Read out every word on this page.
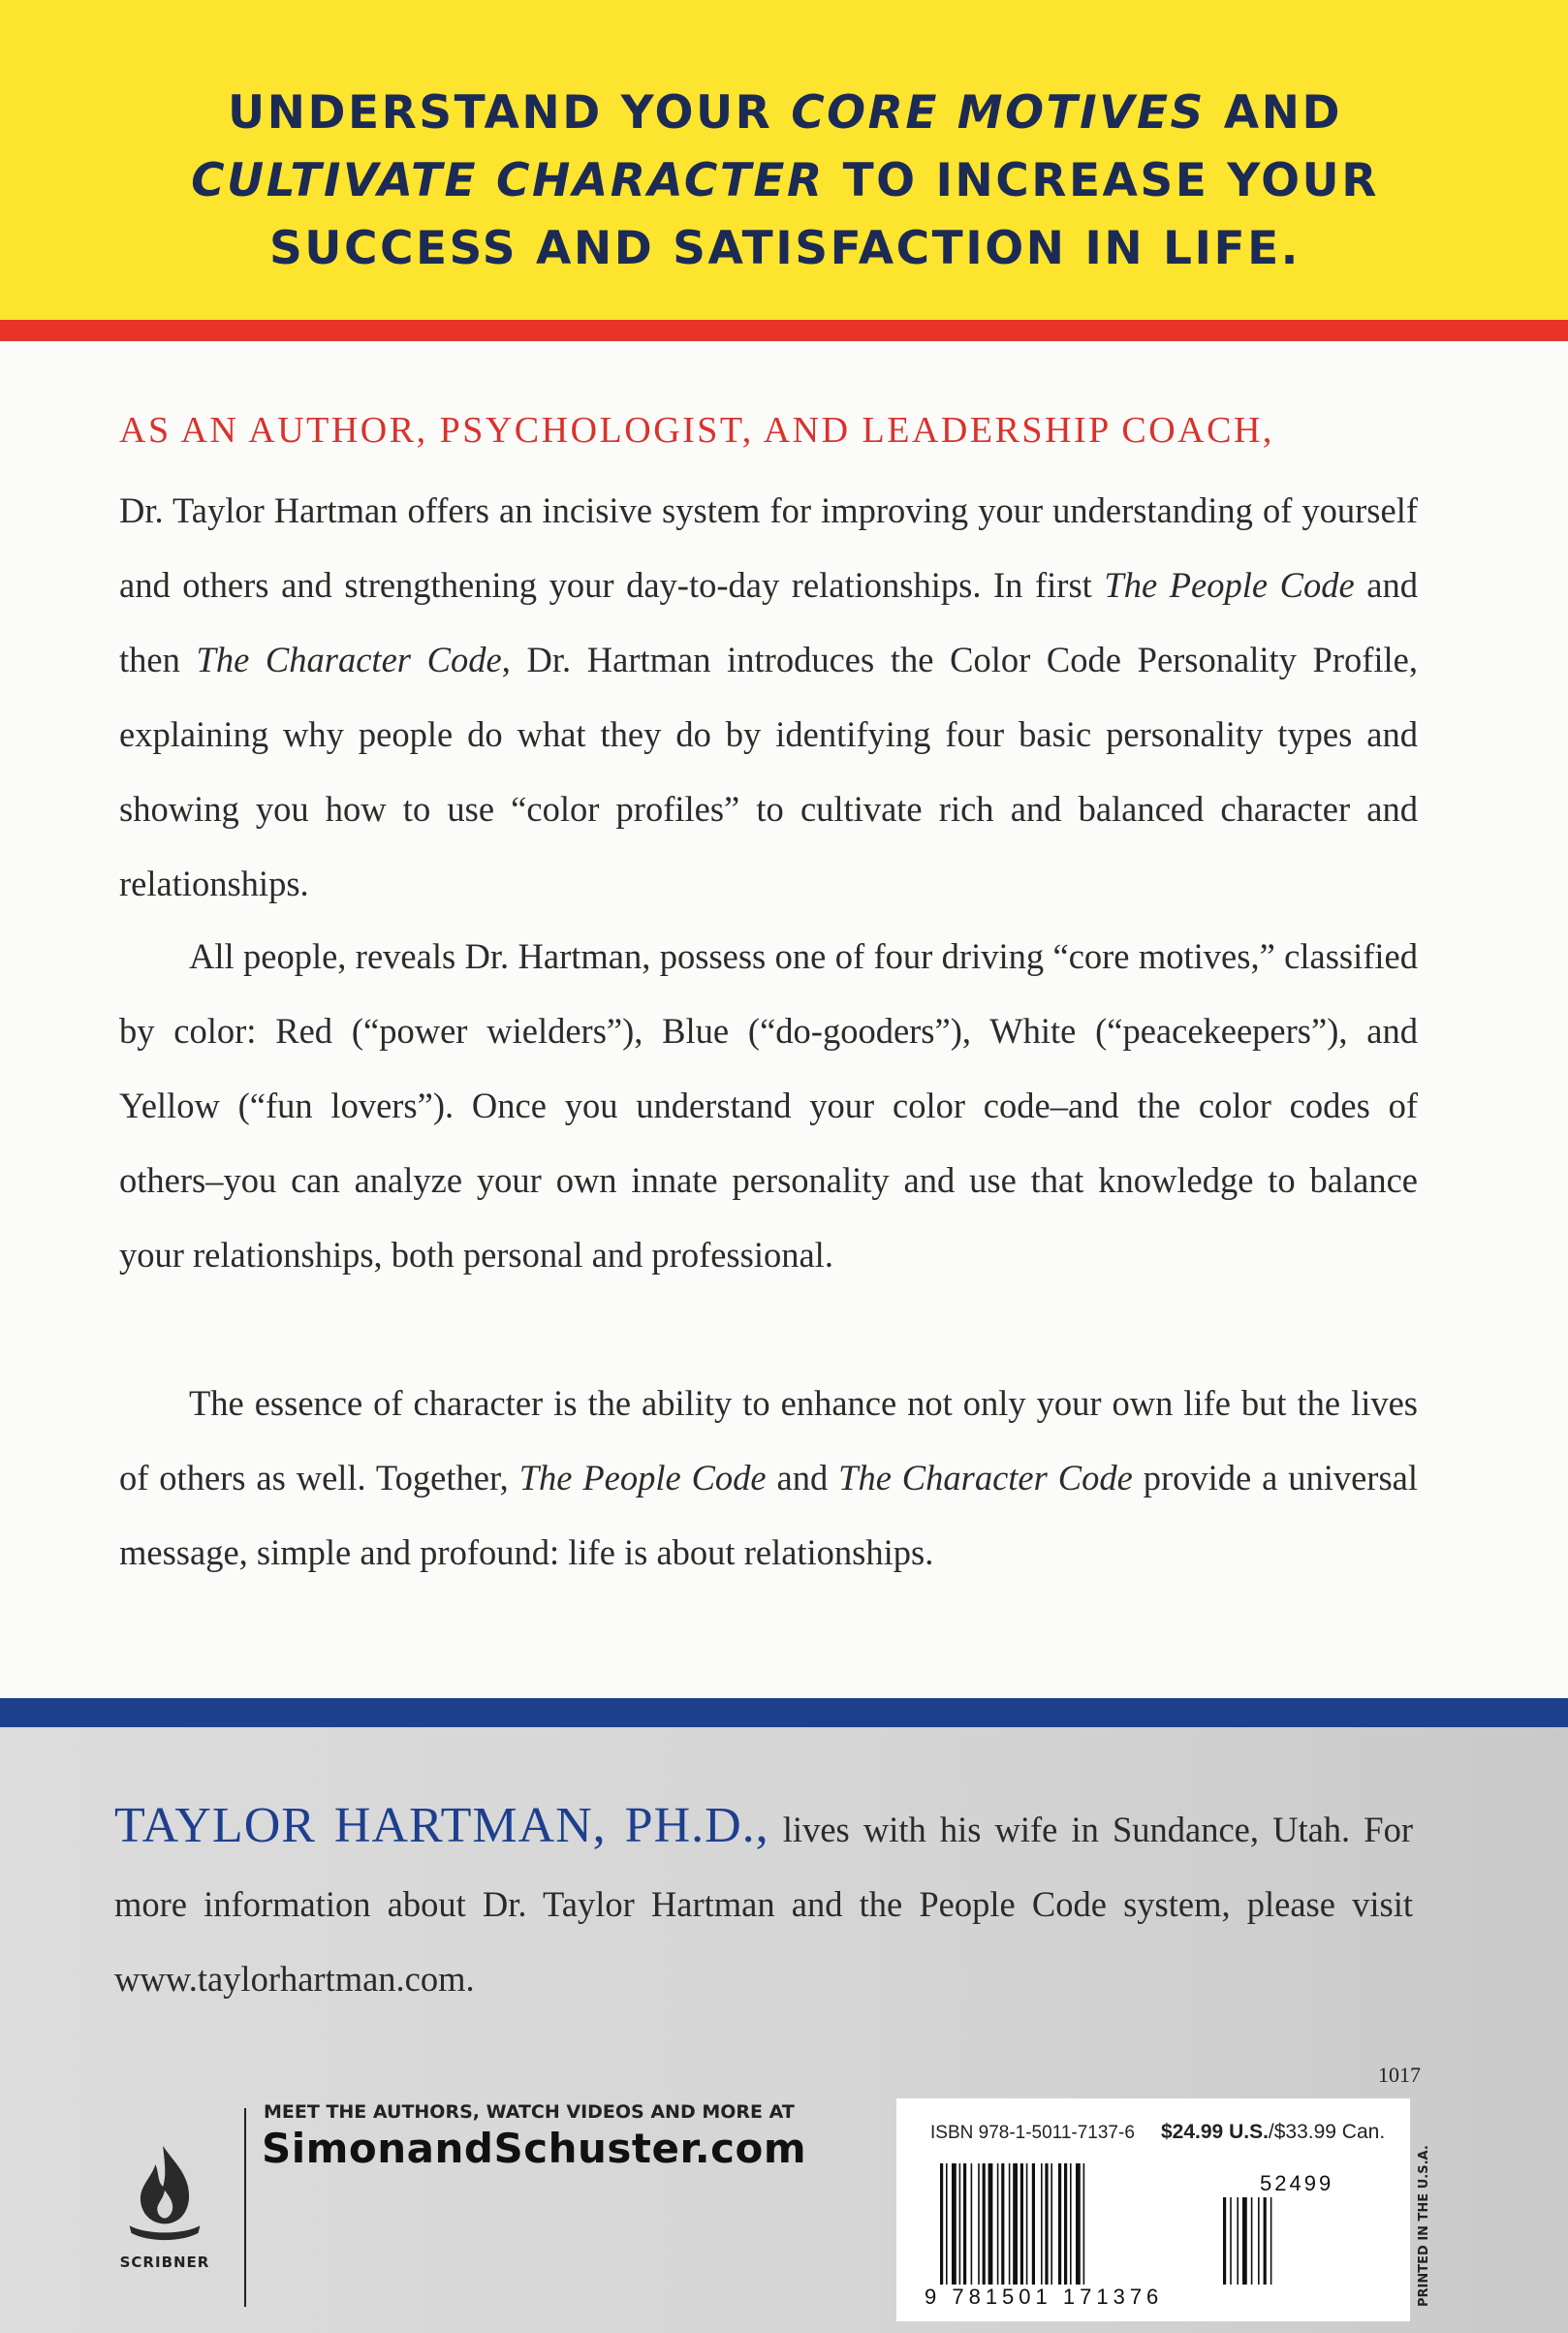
UNDERSTAND YOUR CORE MOTIVES AND CULTIVATE CHARACTER TO INCREASE YOUR SUCCESS AND SATISFACTION IN LIFE.

AS AN AUTHOR, PSYCHOLOGIST, AND LEADERSHIP COACH,

Dr. Taylor Hartman offers an incisive system for improving your understanding of yourself and others and strengthening your day-to-day relationships. In first The People Code and then The Character Code, Dr. Hartman introduces the Color Code Personality Profile, explaining why people do what they do by identifying four basic personality types and showing you how to use “color profiles” to cultivate rich and balanced character and relationships.

All people, reveals Dr. Hartman, possess one of four driving “core motives,” classified by color: Red (“power wielders”), Blue (“do-gooders”), White (“peacekeepers”), and Yellow (“fun lovers”). Once you understand your color code–and the color codes of others–you can analyze your own innate personality and use that knowledge to balance your relationships, both personal and professional.

The essence of character is the ability to enhance not only your own life but the lives of others as well. Together, The People Code and The Character Code provide a universal message, simple and profound: life is about relationships.

TAYLOR HARTMAN, PH.D., lives with his wife in Sundance, Utah. For more information about Dr. Taylor Hartman and the People Code system, please visit www.taylorhartman.com.

SCRIBNER
MEET THE AUTHORS, WATCH VIDEOS AND MORE AT
SimonandSchuster.com
1017
ISBN 978-1-5011-7137-6 $24.99 U.S./$33.99 Can.
52499
9 781501 171376	PRINTED IN THE U.S.A.
